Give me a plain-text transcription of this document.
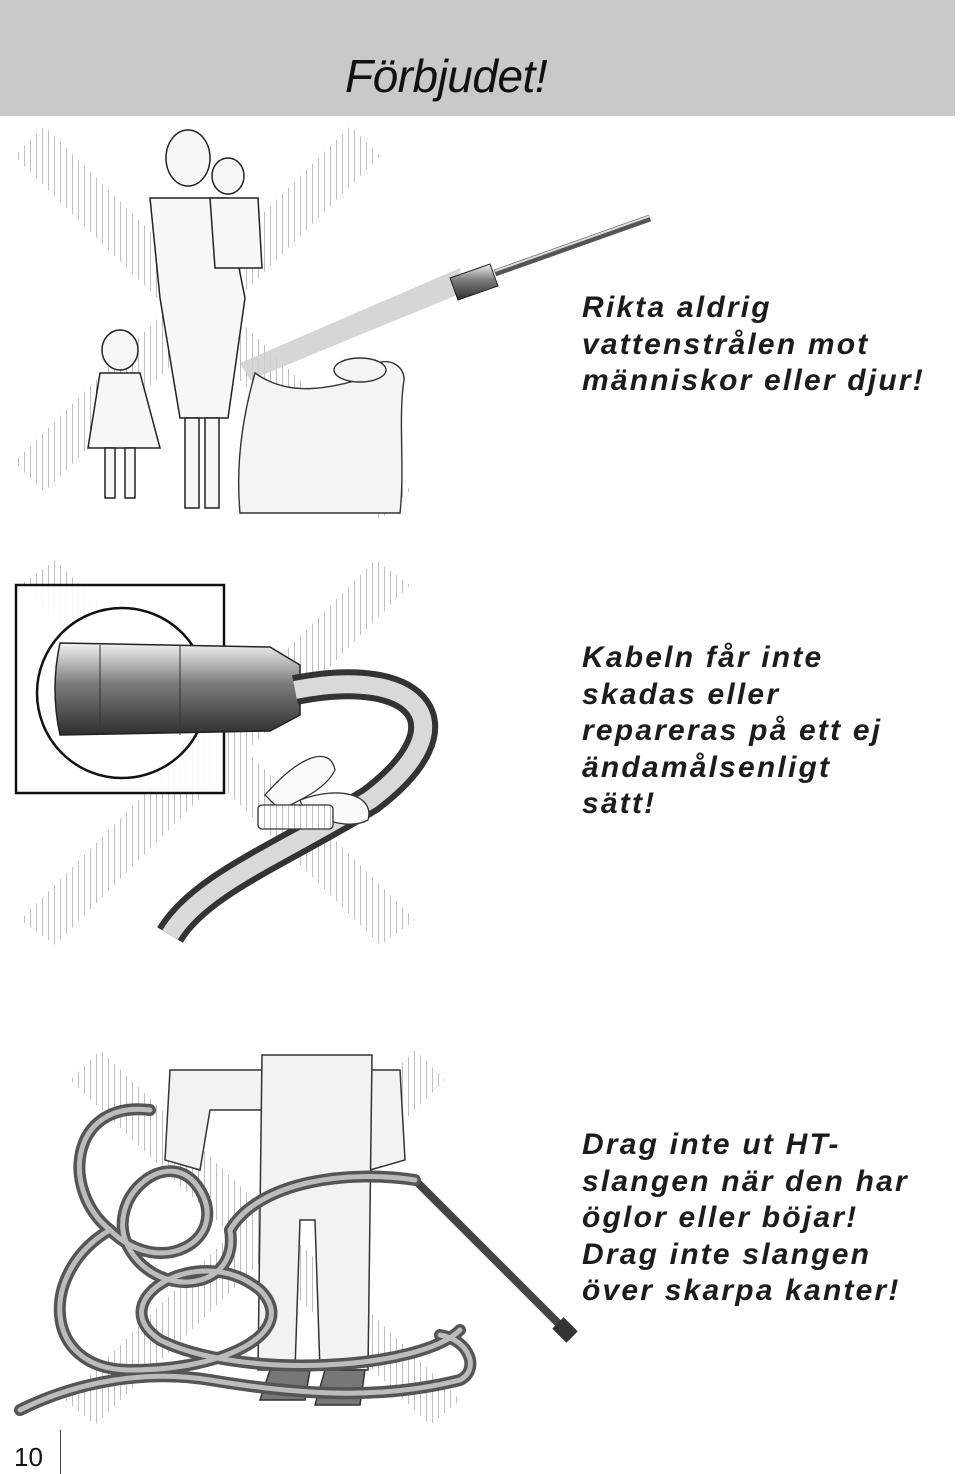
Förbjudet!

Rikta aldrig
vattenstrålen mot
människor eller djur!

Kabeln får inte
skadas eller
repareras på ett ej
ändamålsenligt
sätt!

Drag inte ut HT-
slangen när den har
öglor eller böjar!
Drag inte slangen
över skarpa kanter!

10
